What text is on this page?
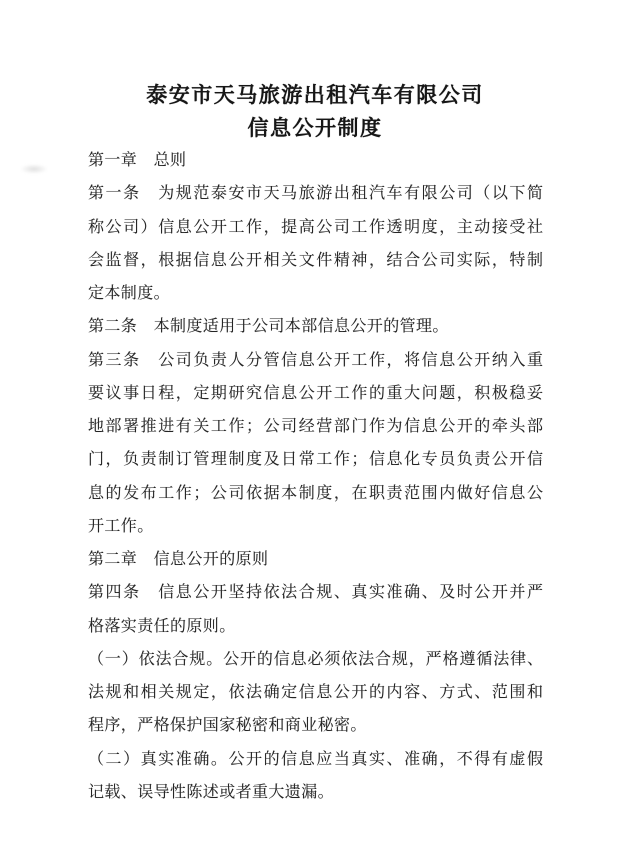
泰安市天马旅游出租汽车有限公司
信息公开制度
第一章　总则
第一条　为规范泰安市天马旅游出租汽车有限公司（以下简
称公司）信息公开工作，提高公司工作透明度，主动接受社
会监督，根据信息公开相关文件精神，结合公司实际，特制
定本制度。
第二条　本制度适用于公司本部信息公开的管理。
第三条　公司负责人分管信息公开工作，将信息公开纳入重
要议事日程，定期研究信息公开工作的重大问题，积极稳妥
地部署推进有关工作；公司经营部门作为信息公开的牵头部
门，负责制订管理制度及日常工作；信息化专员负责公开信
息的发布工作；公司依据本制度，在职责范围内做好信息公
开工作。
第二章　信息公开的原则
第四条　信息公开坚持依法合规、真实准确、及时公开并严
格落实责任的原则。
（一）依法合规。公开的信息必须依法合规，严格遵循法律、
法规和相关规定，依法确定信息公开的内容、方式、范围和
程序，严格保护国家秘密和商业秘密。
（二）真实准确。公开的信息应当真实、准确，不得有虚假
记载、误导性陈述或者重大遗漏。
